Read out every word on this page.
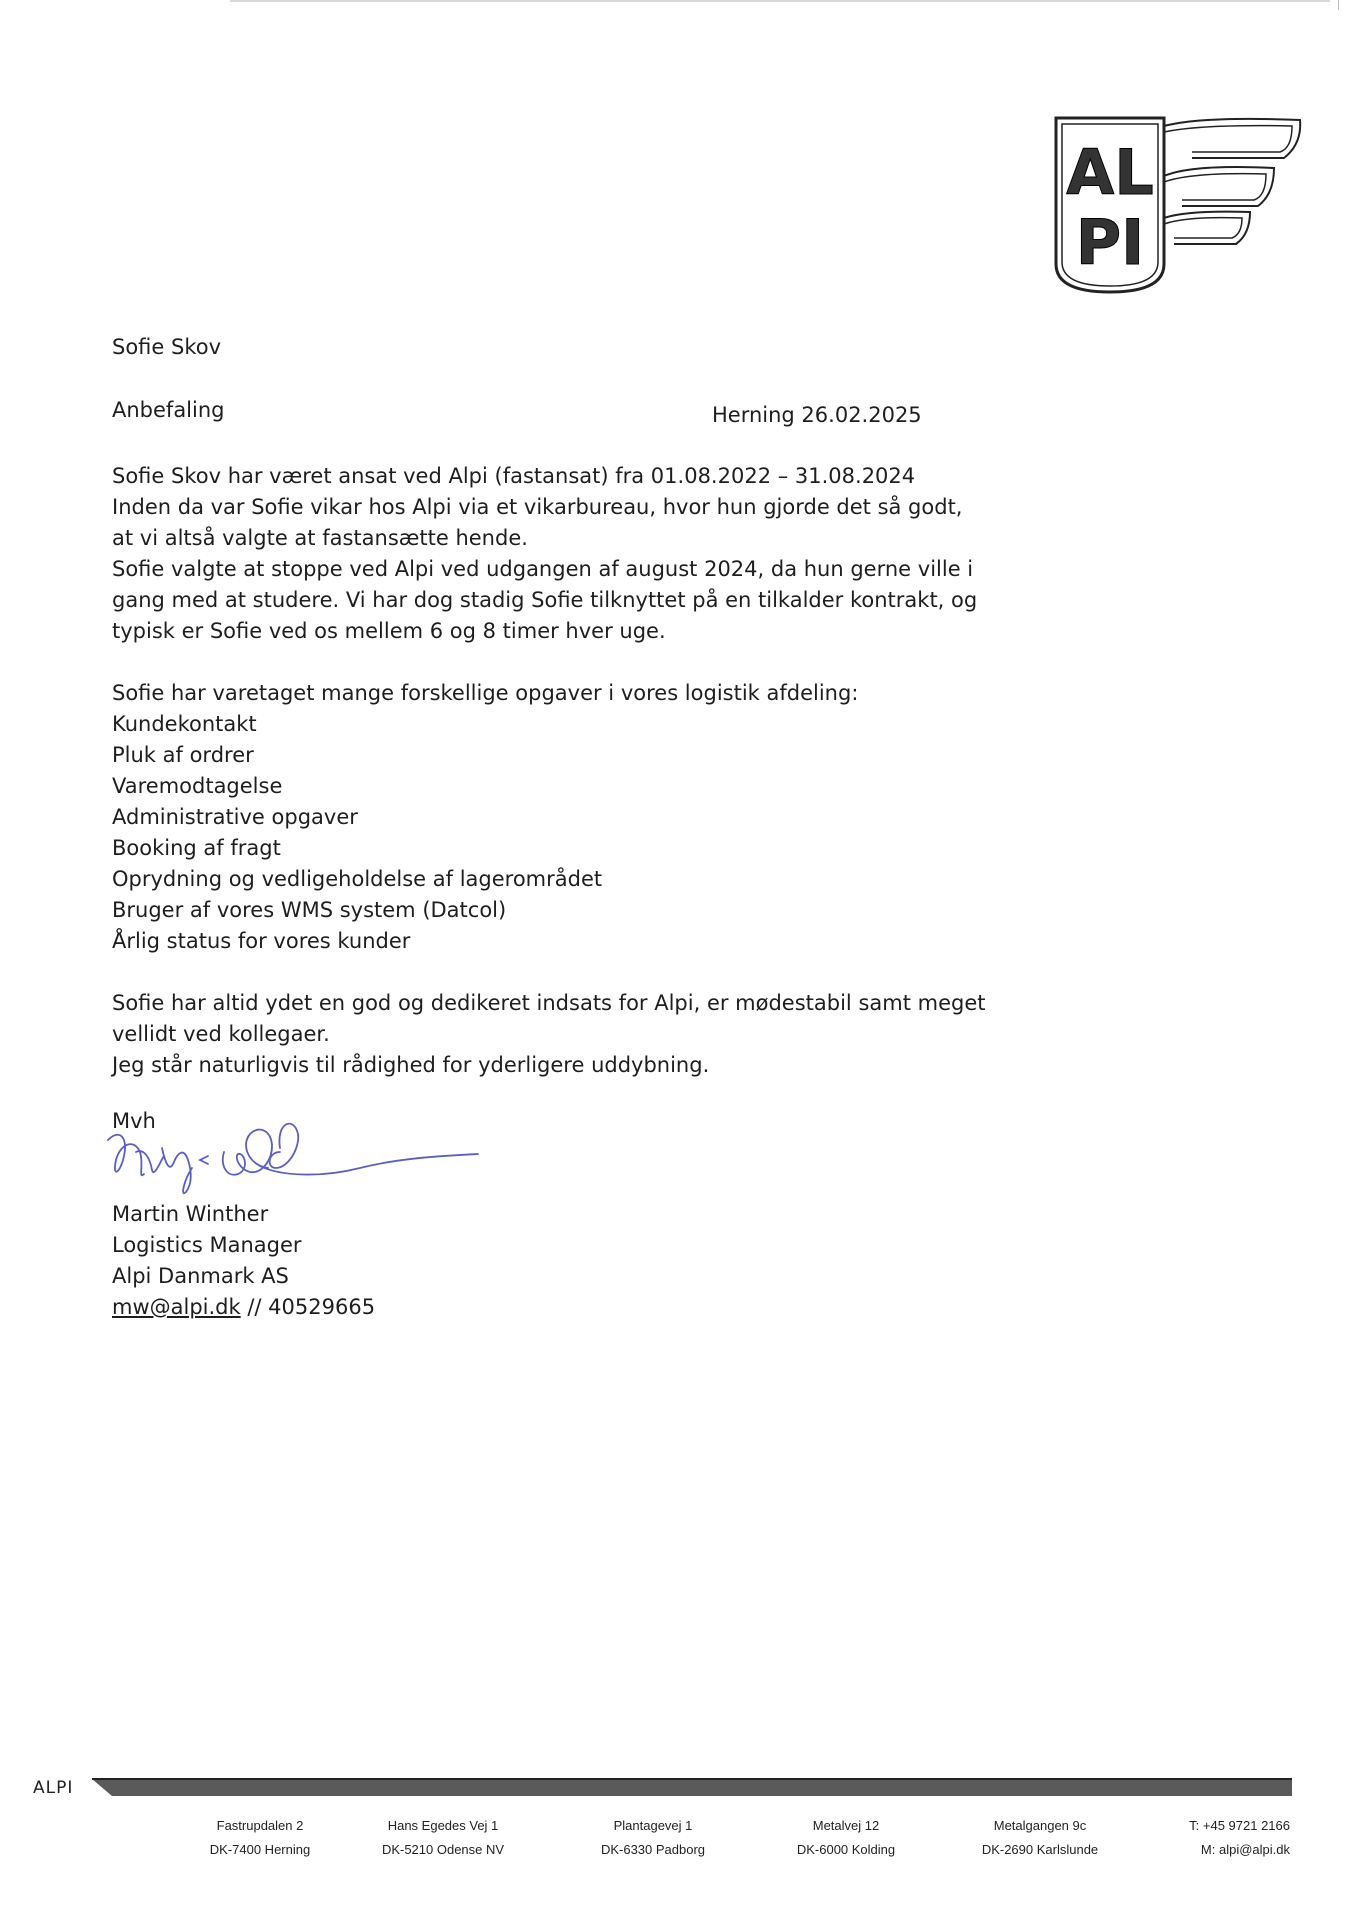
AL
PI
Sofie Skov
Anbefaling	Herning 26.02.2025

Sofie Skov har været ansat ved Alpi (fastansat) fra 01.08.2022 – 31.08.2024

Inden da var Sofie vikar hos Alpi via et vikarbureau, hvor hun gjorde det så godt,

at vi altså valgte at fastansætte hende.

Sofie valgte at stoppe ved Alpi ved udgangen af august 2024, da hun gerne ville i

gang med at studere. Vi har dog stadig Sofie tilknyttet på en tilkalder kontrakt, og

typisk er Sofie ved os mellem 6 og 8 timer hver uge.

Sofie har varetaget mange forskellige opgaver i vores logistik afdeling:

Kundekontakt

Pluk af ordrer

Varemodtagelse

Administrative opgaver

Booking af fragt

Oprydning og vedligeholdelse af lagerområdet

Bruger af vores WMS system (Datcol)

Årlig status for vores kunder

Sofie har altid ydet en god og dedikeret indsats for Alpi, er mødestabil samt meget

vellidt ved kollegaer.

Jeg står naturligvis til rådighed for yderligere uddybning.

Mvh

Martin Winther

Logistics Manager

Alpi Danmark AS

mw@alpi.dk // 40529665

ALPI
Fastrupdalen 2
DK-7400 Herning
Hans Egedes Vej 1
DK-5210 Odense NV
Plantagevej 1
DK-6330 Padborg
Metalvej 12
DK-6000 Kolding
Metalgangen 9c
DK-2690 Karlslunde
T: +45 9721 2166
M: alpi@alpi.dk
